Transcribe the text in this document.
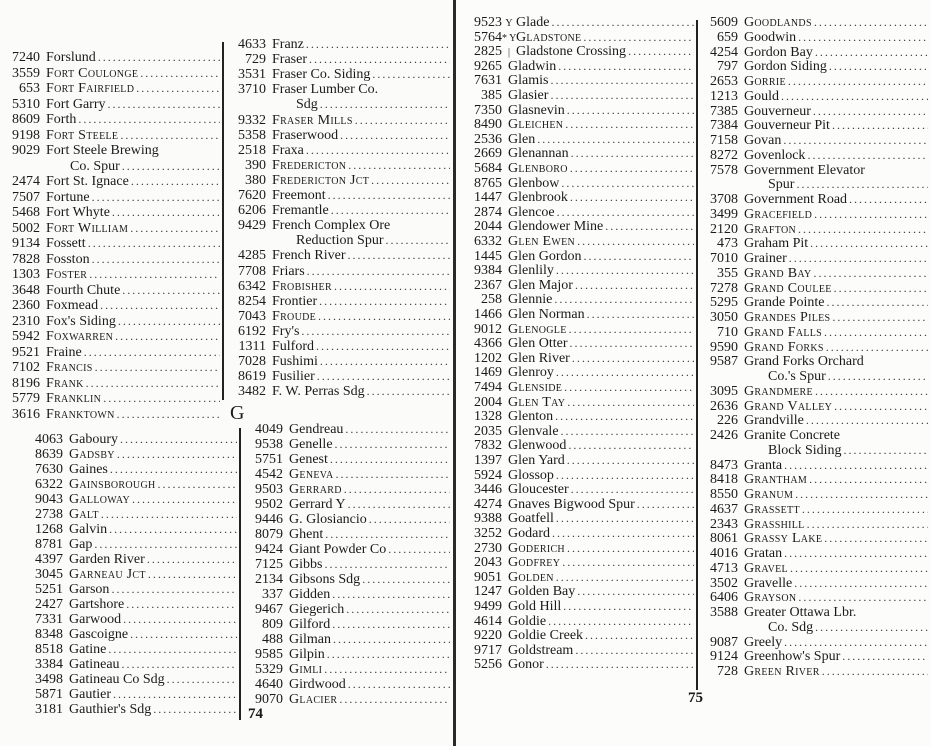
7240 Forslund
.....
3559 Fort Coulonge
.....
653 Fort Fairfield
.....
5310 Fort Garry
.....
8609 Forth
.....
9198 Fort Steele
.....
9029 Fort Steele Brewing
Co. Spur
.....
2474 Fort St. Ignace
.....
7507 Fortune
.....
5468 Fort Whyte
.....
5002 Fort William
.....
9134 Fossett
.....
7828 Fosston
.....
1303 Foster
.....
3648 Fourth Chute
.....
2360 Foxmead
.....
2310 Fox's Siding
.....
5942 Foxwarren
.....
9521 Fraine
.....
7102 Francis
.....
8196 Frank
.....
5779 Franklin
.....
3616 Franktown
.....
4633 Franz
.....
729 Fraser
.....
3531 Fraser Co. Siding
.....
3710 Fraser Lumber Co.
Sdg
.....
9332 Fraser Mills
.....
5358 Fraserwood
.....
2518 Fraxa
.....
390 Fredericton
.....
380 Fredericton Jct
.....
7620 Freemont
.....
6206 Fremantle
.....
9429 French Complex Ore
Reduction Spur
.....
4285 French River
.....
7708 Friars
.....
6342 Frobisher
.....
8254 Frontier
.....
7043 Froude
.....
6192 Fry's
.....
1311 Fulford
.....
7028 Fushimi
.....
8619 Fusilier
.....
3482 F. W. Perras Sdg
.....
G
4063 Gaboury
.....
8639 Gadsby
.....
7630 Gaines
.....
6322 Gainsborough
.....
9043 Galloway
.....
2738 Galt
.....
1268 Galvin
.....
8781 Gap
.....
4397 Garden River
.....
3045 Garneau Jct
.....
5251 Garson
.....
2427 Gartshore
.....
7331 Garwood
.....
8348 Gascoigne
.....
8518 Gatine
.....
3384 Gatineau
.....
3498 Gatineau Co Sdg
.....
5871 Gautier
.....
3181 Gauthier's Sdg
.....
4049 Gendreau
.....
9538 Genelle
.....
5751 Genest
.....
4542 Geneva
.....
9503 Gerrard
.....
9502 Gerrard Y
.....
9446 G. Glosiancio
.....
8079 Ghent
.....
9424 Giant Powder Co
.....
7125 Gibbs
.....
2134 Gibsons Sdg
.....
337 Gidden
.....
9467 Giegerich
.....
809 Gilford
.....
488 Gilman
.....
9585 Gilpin
.....
5329 Gimli
.....
4640 Girdwood
.....
9070 Glacier
.....
74
9523 Y Glade
.....
5764 * Y Gladstone
.....
2825 | Gladstone Crossing
.....
9265 Gladwin
.....
7631 Glamis
.....
385 Glasier
.....
7350 Glasnevin
.....
8490 Gleichen
.....
2536 Glen
.....
2669 Glenannan
.....
5684 Glenboro
.....
8765 Glenbow
.....
1447 Glenbrook
.....
2874 Glencoe
.....
2044 Glendower Mine
.....
6332 Glen Ewen
.....
1445 Glen Gordon
.....
9384 Glenlily
.....
2367 Glen Major
.....
258 Glennie
.....
1466 Glen Norman
.....
9012 Glenogle
.....
4366 Glen Otter
.....
1202 Glen River
.....
1469 Glenroy
.....
7494 Glenside
.....
2004 Glen Tay
.....
1328 Glenton
.....
2035 Glenvale
.....
7832 Glenwood
.....
1397 Glen Yard
.....
5924 Glossop
.....
3446 Gloucester
.....
4274 Gnaves Bigwood Spur
.....
9388 Goatfell
.....
3252 Godard
.....
2730 Goderich
.....
2043 Godfrey
.....
9051 Golden
.....
1247 Golden Bay
.....
9499 Gold Hill
.....
4614 Goldie
.....
9220 Goldie Creek
.....
9717 Goldstream
.....
5256 Gonor
.....
5609 Goodlands
.....
659 Goodwin
.....
4254 Gordon Bay
.....
797 Gordon Siding
.....
2653 Gorrie
.....
1213 Gould
.....
7385 Gouverneur
.....
7384 Gouverneur Pit
.....
7158 Govan
.....
8272 Govenlock
.....
7578 Government Elevator
Spur
.....
3708 Government Road
.....
3499 Gracefield
.....
2120 Grafton
.....
473 Graham Pit
.....
7010 Grainer
.....
355 Grand Bay
.....
7278 Grand Coulee
.....
5295 Grande Pointe
.....
3050 Grandes Piles
.....
710 Grand Falls
.....
9590 Grand Forks
.....
9587 Grand Forks Orchard
Co.'s Spur
.....
3095 Grandmere
.....
2636 Grand Valley
.....
226 Grandville
.....
2426 Granite Concrete
Block Siding
.....
8473 Granta
.....
8418 Grantham
.....
8550 Granum
.....
4637 Grassett
.....
2343 Grasshill
.....
8061 Grassy Lake
.....
4016 Gratan
.....
4713 Gravel
.....
3502 Gravelle
.....
6406 Grayson
.....
3588 Greater Ottawa Lbr.
Co. Sdg
.....
9087 Greely
.....
9124 Greenhow's Spur
.....
728 Green River
.....
75
